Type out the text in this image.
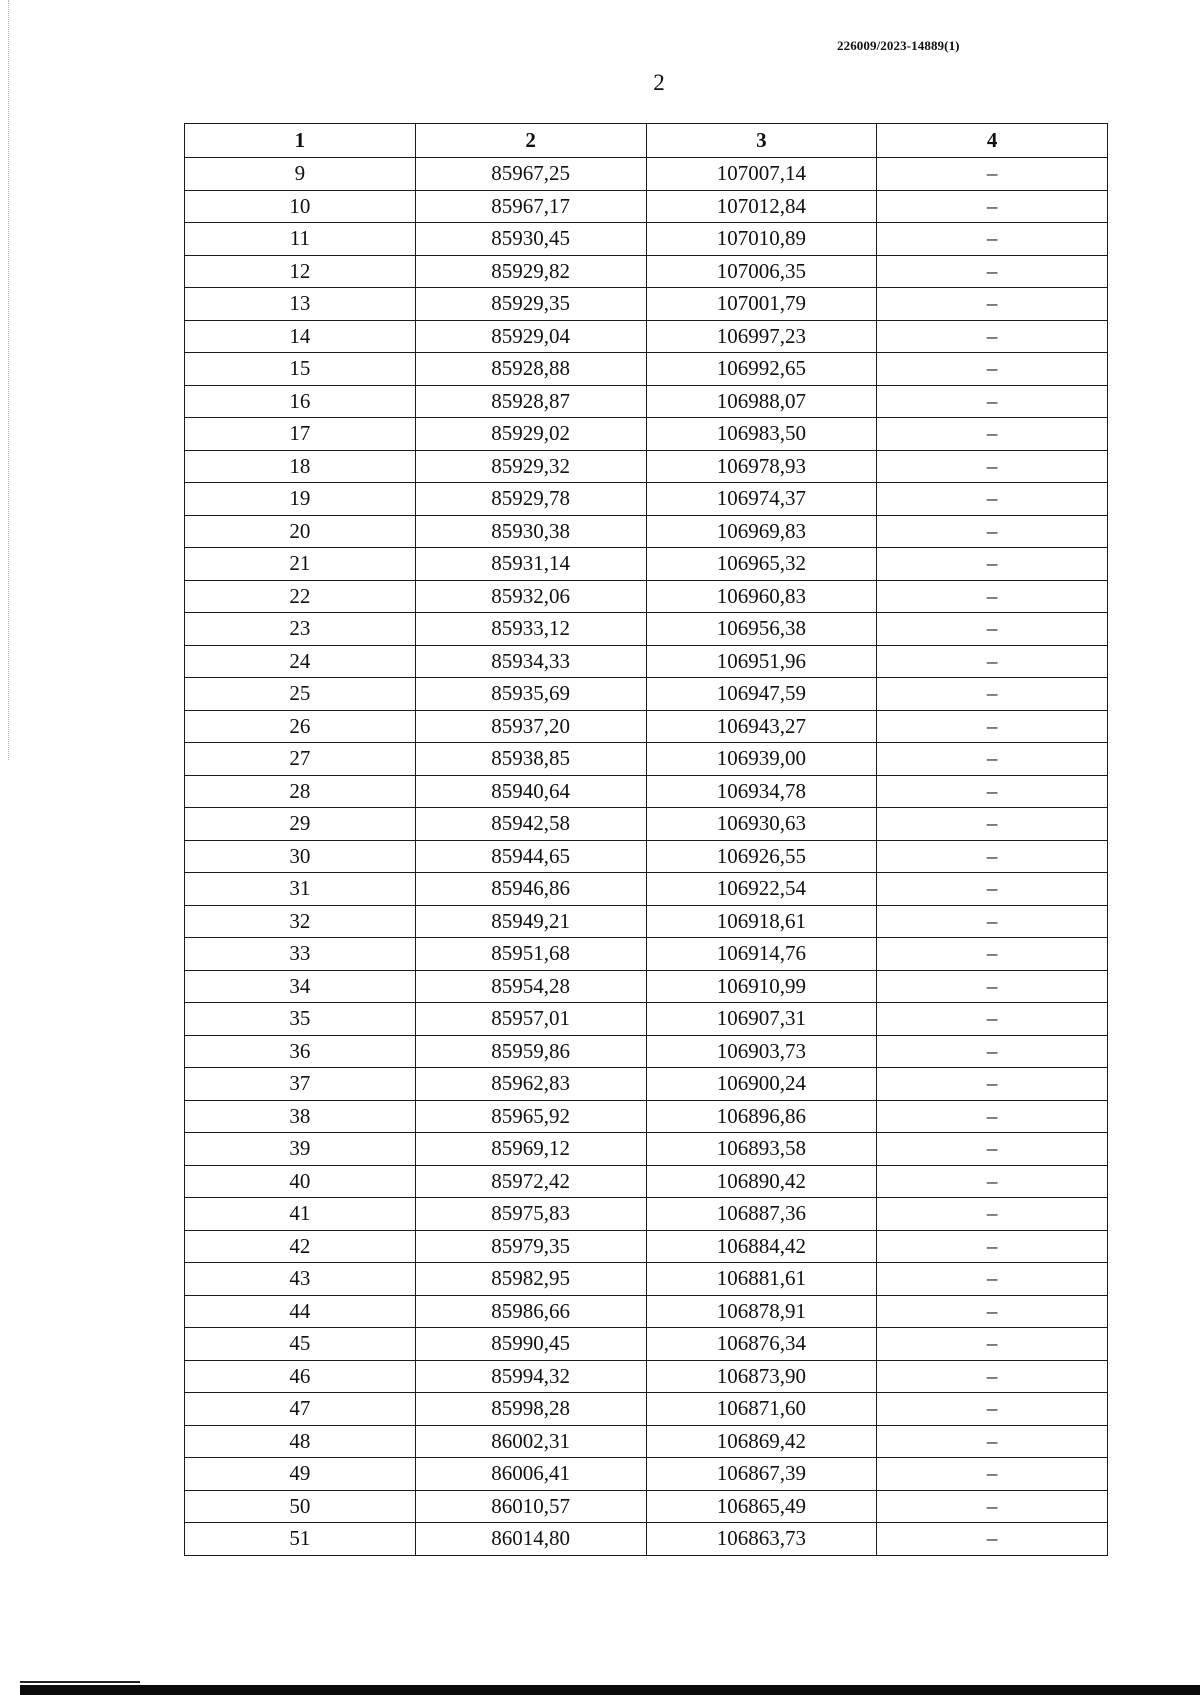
226009/2023-14889(1)
2
1	2	3	4
9	85967,25	107007,14	–
10	85967,17	107012,84	–
11	85930,45	107010,89	–
12	85929,82	107006,35	–
13	85929,35	107001,79	–
14	85929,04	106997,23	–
15	85928,88	106992,65	–
16	85928,87	106988,07	–
17	85929,02	106983,50	–
18	85929,32	106978,93	–
19	85929,78	106974,37	–
20	85930,38	106969,83	–
21	85931,14	106965,32	–
22	85932,06	106960,83	–
23	85933,12	106956,38	–
24	85934,33	106951,96	–
25	85935,69	106947,59	–
26	85937,20	106943,27	–
27	85938,85	106939,00	–
28	85940,64	106934,78	–
29	85942,58	106930,63	–
30	85944,65	106926,55	–
31	85946,86	106922,54	–
32	85949,21	106918,61	–
33	85951,68	106914,76	–
34	85954,28	106910,99	–
35	85957,01	106907,31	–
36	85959,86	106903,73	–
37	85962,83	106900,24	–
38	85965,92	106896,86	–
39	85969,12	106893,58	–
40	85972,42	106890,42	–
41	85975,83	106887,36	–
42	85979,35	106884,42	–
43	85982,95	106881,61	–
44	85986,66	106878,91	–
45	85990,45	106876,34	–
46	85994,32	106873,90	–
47	85998,28	106871,60	–
48	86002,31	106869,42	–
49	86006,41	106867,39	–
50	86010,57	106865,49	–
51	86014,80	106863,73	–
